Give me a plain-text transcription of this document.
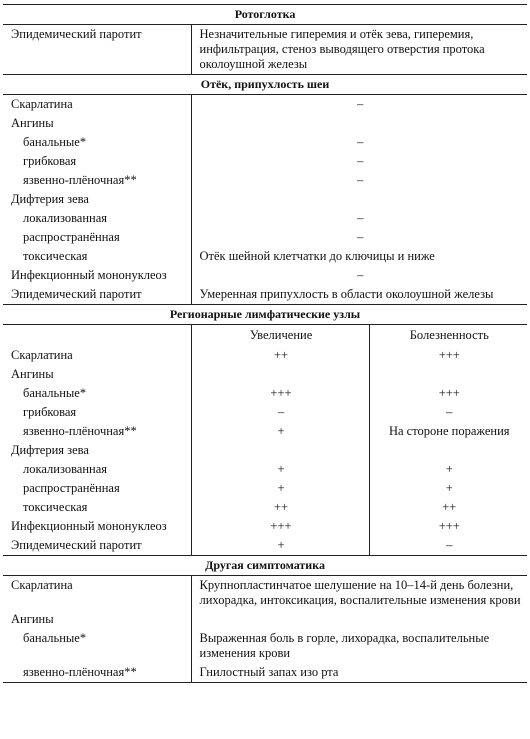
Ротоглотка		
Эпидемический паротит	Незначительные гиперемия и отёк зева, гиперемия, инфильтрация, стеноз выводящего отверстия протока околоушной железы	
Отёк, припухлость шеи		
Скарлатина	–	
Ангины		
банальные*	–	
грибковая	–	
язвенно-плёночная**	–	
Дифтерия зева		
локализованная	–	
распространённая	–	
токсическая	Отёк шейной клетчатки до ключицы и ниже	
Инфекционный мононуклеоз	–	
Эпидемический паротит	Умеренная припухлость в области околоушной железы	
Регионарные лимфатические узлы		
	Увеличение	Болезненность
Скарлатина	++	+++
Ангины		
банальные*	+++	+++
грибковая	–	–
язвенно-плёночная**	+	На стороне поражения
Дифтерия зева		
локализованная	+	+
распространённая	+	+
токсическая	++	++
Инфекционный мононуклеоз	+++	+++
Эпидемический паротит	+	–
Другая симптоматика		
Скарлатина	Крупнопластинчатое шелушение на 10–14-й день болезни, лихорадка, интоксикация, воспалительные изменения крови	
Ангины		
банальные*	Выраженная боль в горле, лихорадка, воспалительные изменения крови	
язвенно-плёночная**	Гнилостный запах изо рта	
